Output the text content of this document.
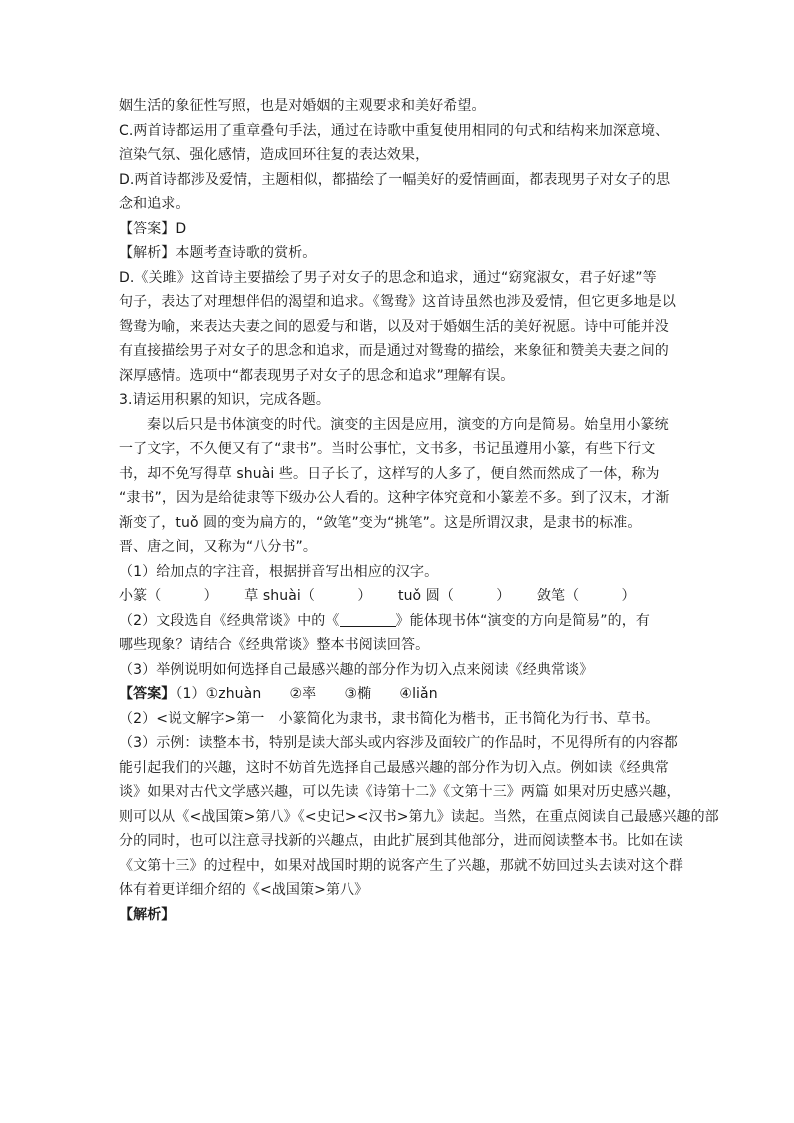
姻生活的象征性写照，也是对婚姻的主观要求和美好希望。
C.两首诗都运用了重章叠句手法，通过在诗歌中重复使用相同的句式和结构来加深意境、
渲染气氛、强化感情，造成回环往复的表达效果，
D.两首诗都涉及爱情，主题相似，都描绘了一幅美好的爱情画面，都表现男子对女子的思
念和追求。
【答案】D
【解析】本题考查诗歌的赏析。
D.《关雎》这首诗主要描绘了男子对女子的思念和追求，通过“窈窕淑女，君子好逑”等
句子，表达了对理想伴侣的渴望和追求。《鸳鸯》这首诗虽然也涉及爱情，但它更多地是以
鸳鸯为喻，来表达夫妻之间的恩爱与和谐，以及对于婚姻生活的美好祝愿。诗中可能并没
有直接描绘男子对女子的思念和追求，而是通过对鸳鸯的描绘，来象征和赞美夫妻之间的
深厚感情。选项中“都表现男子对女子的思念和追求”理解有误。
3.请运用积累的知识，完成各题。
秦以后只是书体演变的时代。演变的主因是应用，演变的方向是简易。始皇用小篆统
一了文字，不久便又有了“隶书”。当时公事忙，文书多，书记虽遵用小篆，有些下行文
书，却不免写得草 shuài 些。日子长了，这样写的人多了，便自然而然成了一体，称为
“隶书”，因为是给徒隶等下级办公人看的。这种字体究竟和小篆差不多。到了汉末，才渐
渐变了，tuǒ 圆的变为扁方的，“敛笔”变为“挑笔”。这是所谓汉隶，是隶书的标准。
晋、唐之间，又称为“八分书”。
（1）给加点的字注音，根据拼音写出相应的汉字。
小篆（　　　） 草 shuài（　　　） tuǒ 圆（　　　） 敛笔（　　　）
（2）文段选自《经典常谈》中的《	》能体现书体“演变的方向是简易”的，有
哪些现象？请结合《经典常谈》整本书阅读回答。
（3）举例说明如何选择自己最感兴趣的部分作为切入点来阅读《经典常谈》
【答案】（1）①zhuàn　　②率　　③椭　　④liǎn
（2）<说文解字>第一　小篆简化为隶书，隶书简化为楷书，正书简化为行书、草书。
（3）示例：读整本书，特别是读大部头或内容涉及面较广的作品时，不见得所有的内容都
能引起我们的兴趣，这时不妨首先选择自己最感兴趣的部分作为切入点。例如读《经典常
谈》如果对古代文学感兴趣，可以先读《诗第十二》《文第十三》两篇 如果对历史感兴趣，
则可以从《<战国策>第八》《<史记><汉书>第九》读起。当然，在重点阅读自己最感兴趣的部
分的同时，也可以注意寻找新的兴趣点，由此扩展到其他部分，进而阅读整本书。比如在读
《文第十三》的过程中，如果对战国时期的说客产生了兴趣，那就不妨回过头去读对这个群
体有着更详细介绍的《<战国策>第八》
【解析】
